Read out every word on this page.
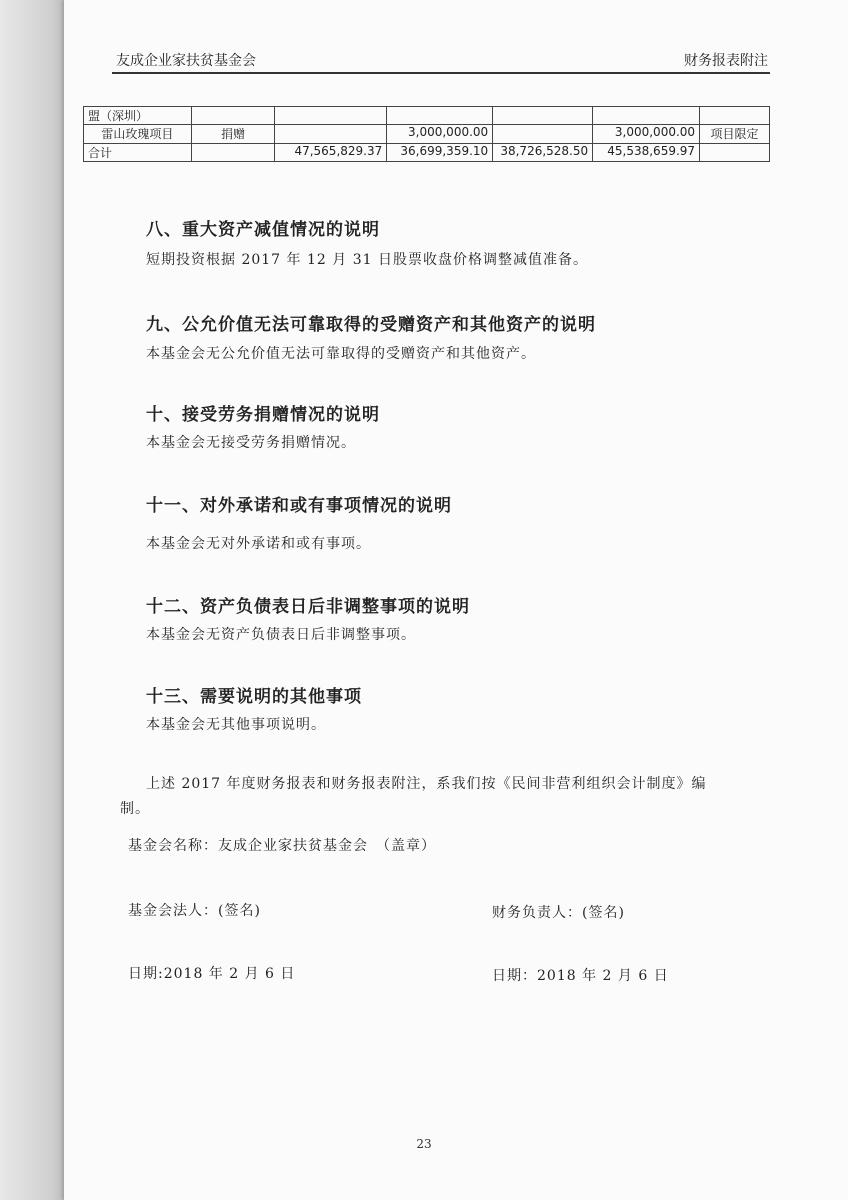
友成企业家扶贫基金会	财务报表附注
盟（深圳）						
雷山玫瑰项目	捐赠		3,000,000.00		3,000,000.00	项目限定
合计		47,565,829.37	36,699,359.10	38,726,528.50	45,538,659.97	
八、重大资产减值情况的说明

短期投资根据 2017 年 12 月 31 日股票收盘价格调整减值准备。

九、公允价值无法可靠取得的受赠资产和其他资产的说明

本基金会无公允价值无法可靠取得的受赠资产和其他资产。

十、接受劳务捐赠情况的说明

本基金会无接受劳务捐赠情况。

十一、对外承诺和或有事项情况的说明

本基金会无对外承诺和或有事项。

十二、资产负债表日后非调整事项的说明

本基金会无资产负债表日后非调整事项。

十三、需要说明的其他事项

本基金会无其他事项说明。

上述 2017 年度财务报表和财务报表附注，系我们按《民间非营利组织会计制度》编
制。
基金会名称：友成企业家扶贫基金会　（盖章）
基金会法人：(签名)	财务负责人：(签名)
日期:2018 年 2 月 6 日	日期：2018 年 2 月 6 日
23
